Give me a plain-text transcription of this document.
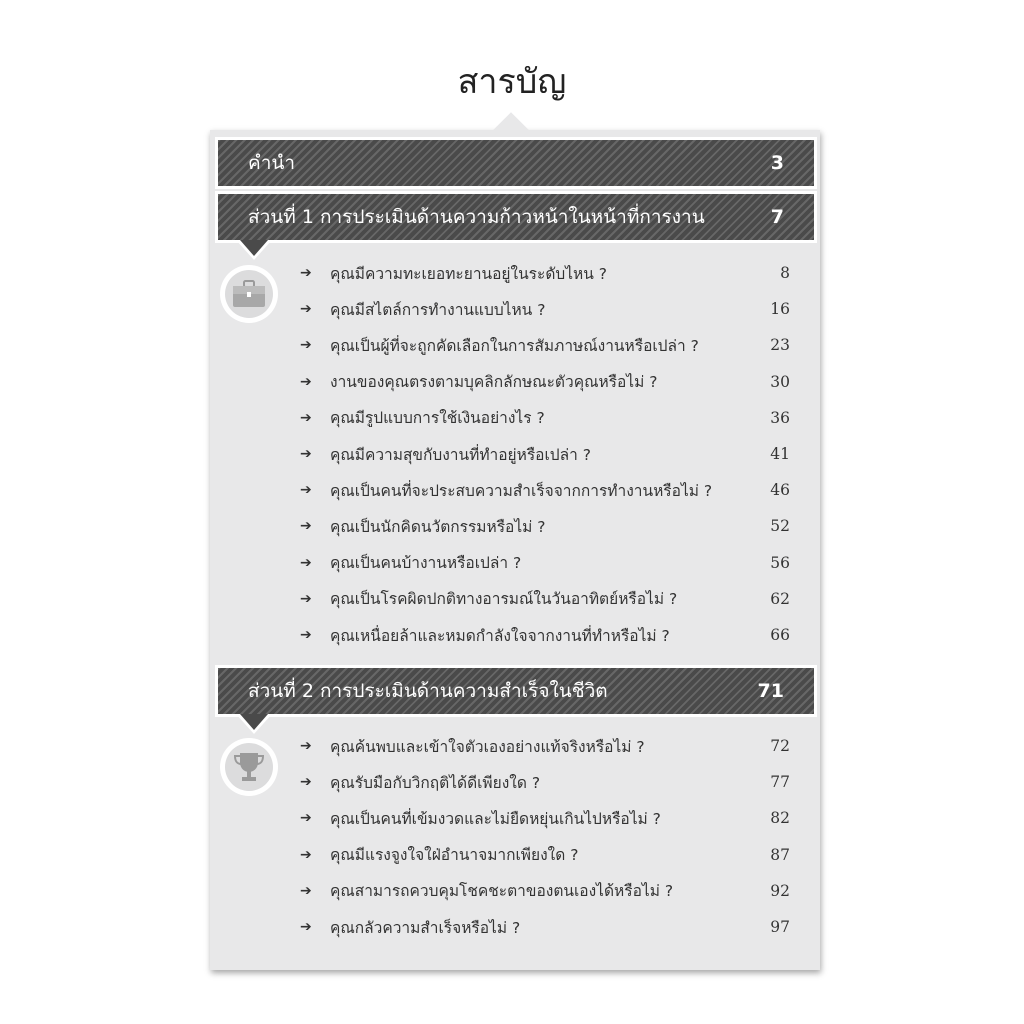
สารบัญ
คำนำ	3
ส่วนที่ 1 การประเมินด้านความก้าวหน้าในหน้าที่การงาน	7
➔	คุณมีความทะเยอทะยานอยู่ในระดับไหน ?	8
➔	คุณมีสไตล์การทำงานแบบไหน ?	16
➔	คุณเป็นผู้ที่จะถูกคัดเลือกในการสัมภาษณ์งานหรือเปล่า ?	23
➔	งานของคุณตรงตามบุคลิกลักษณะตัวคุณหรือไม่ ?	30
➔	คุณมีรูปแบบการใช้เงินอย่างไร ?	36
➔	คุณมีความสุขกับงานที่ทำอยู่หรือเปล่า ?	41
➔	คุณเป็นคนที่จะประสบความสำเร็จจากการทำงานหรือไม่ ?	46
➔	คุณเป็นนักคิดนวัตกรรมหรือไม่ ?	52
➔	คุณเป็นคนบ้างานหรือเปล่า ?	56
➔	คุณเป็นโรคผิดปกติทางอารมณ์ในวันอาทิตย์หรือไม่ ?	62
➔	คุณเหนื่อยล้าและหมดกำลังใจจากงานที่ทำหรือไม่ ?	66
ส่วนที่ 2 การประเมินด้านความสำเร็จในชีวิต	71
➔	คุณค้นพบและเข้าใจตัวเองอย่างแท้จริงหรือไม่ ?	72
➔	คุณรับมือกับวิกฤติได้ดีเพียงใด ?	77
➔	คุณเป็นคนที่เข้มงวดและไม่ยืดหยุ่นเกินไปหรือไม่ ?	82
➔	คุณมีแรงจูงใจใฝ่อำนาจมากเพียงใด ?	87
➔	คุณสามารถควบคุมโชคชะตาของตนเองได้หรือไม่ ?	92
➔	คุณกลัวความสำเร็จหรือไม่ ?	97
